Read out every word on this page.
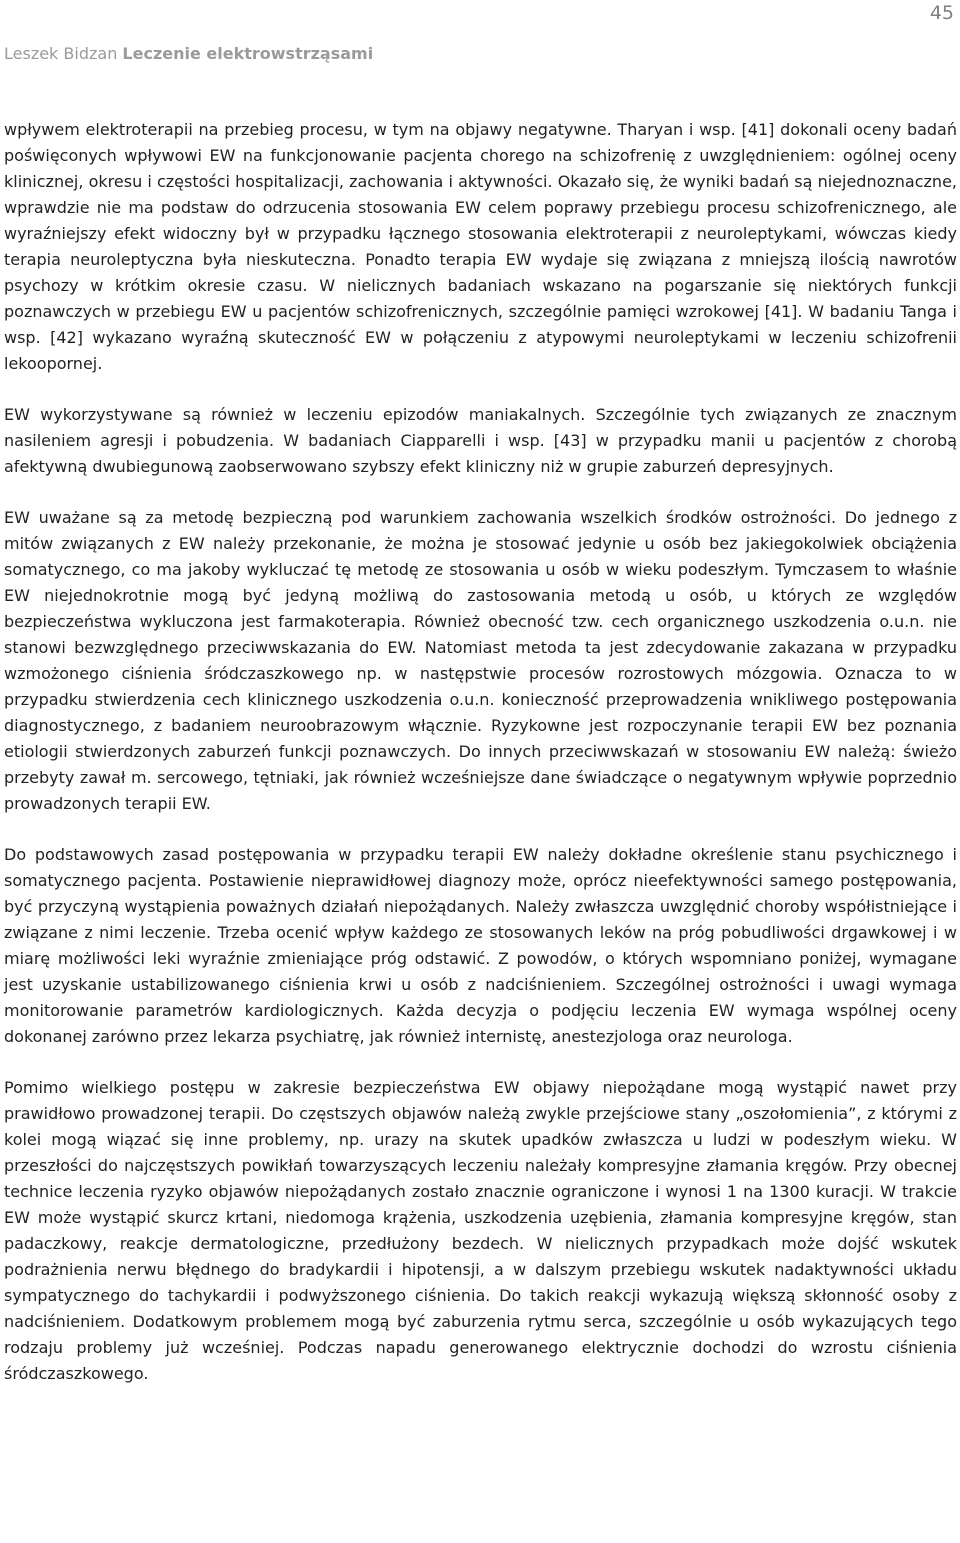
45
Leszek Bidzan Leczenie elektrowstrząsami

wpływem elektroterapii na przebieg procesu, w tym na objawy negatywne. Tharyan i wsp. [41] dokonali oceny badań poświęconych wpływowi EW na funkcjonowanie pacjenta chorego na schizofrenię z uwzględnieniem: ogólnej oceny klinicznej, okresu i częstości hospitalizacji, zachowania i aktywności. Okazało się, że wyniki badań są niejednoznaczne, wprawdzie nie ma podstaw do odrzucenia stosowania EW celem poprawy przebiegu procesu schizofrenicznego, ale wyraźniejszy efekt widoczny był w przypadku łącznego stosowania elektroterapii z neuroleptykami, wówczas kiedy terapia neuroleptyczna była nieskuteczna. Ponadto terapia EW wydaje się związana z mniejszą ilością nawrotów psychozy w krótkim okresie czasu. W nielicznych badaniach wskazano na pogarszanie się niektórych funkcji poznawczych w przebiegu EW u pacjentów schizofrenicznych, szczególnie pamięci wzrokowej [41]. W badaniu Tanga i wsp. [42] wykazano wyraźną skuteczność EW w połączeniu z atypowymi neuroleptykami w leczeniu schizofrenii lekoopornej.

EW wykorzystywane są również w leczeniu epizodów maniakalnych. Szczególnie tych związanych ze znacznym nasileniem agresji i pobudzenia. W badaniach Ciapparelli i wsp. [43] w przypadku manii u pacjentów z chorobą afektywną dwubiegunową zaobserwowano szybszy efekt kliniczny niż w grupie zaburzeń depresyjnych.

EW uważane są za metodę bezpieczną pod warunkiem zachowania wszelkich środków ostrożności. Do jednego z mitów związanych z EW należy przekonanie, że można je stosować jedynie u osób bez jakiegokolwiek obciążenia somatycznego, co ma jakoby wykluczać tę metodę ze stosowania u osób w wieku podeszłym. Tymczasem to właśnie EW niejednokrotnie mogą być jedyną możliwą do zastosowania metodą u osób, u których ze względów bezpieczeństwa wykluczona jest farmakoterapia. Również obecność tzw. cech organicznego uszkodzenia o.u.n. nie stanowi bezwzględnego przeciwwskazania do EW. Natomiast metoda ta jest zdecydowanie zakazana w przypadku wzmożonego ciśnienia śródczaszkowego np. w następstwie procesów rozrostowych mózgowia. Oznacza to w przypadku stwierdzenia cech klinicznego uszkodzenia o.u.n. konieczność przeprowadzenia wnikliwego postępowania diagnostycznego, z badaniem neuroobrazowym włącznie. Ryzykowne jest rozpoczynanie terapii EW bez poznania etiologii stwierdzonych zaburzeń funkcji poznawczych. Do innych przeciwwskazań w stosowaniu EW należą: świeżo przebyty zawał m. sercowego, tętniaki, jak również wcześniejsze dane świadczące o negatywnym wpływie poprzednio prowadzonych terapii EW.

Do podstawowych zasad postępowania w przypadku terapii EW należy dokładne określenie stanu psychicznego i somatycznego pacjenta. Postawienie nieprawidłowej diagnozy może, oprócz nieefektywności samego postępowania, być przyczyną wystąpienia poważnych działań niepożądanych. Należy zwłaszcza uwzględnić choroby współistniejące i związane z nimi leczenie. Trzeba ocenić wpływ każdego ze stosowanych leków na próg pobudliwości drgawkowej i w miarę możliwości leki wyraźnie zmieniające próg odstawić. Z powodów, o których wspomniano poniżej, wymagane jest uzyskanie ustabilizowanego ciśnienia krwi u osób z nadciśnieniem. Szczególnej ostrożności i uwagi wymaga monitorowanie parametrów kardiologicznych. Każda decyzja o podjęciu leczenia EW wymaga wspólnej oceny dokonanej zarówno przez lekarza psychiatrę, jak również internistę, anestezjologa oraz neurologa.

Pomimo wielkiego postępu w zakresie bezpieczeństwa EW objawy niepożądane mogą wystąpić nawet przy prawidłowo prowadzonej terapii. Do częstszych objawów należą zwykle przejściowe stany „oszołomienia”, z którymi z kolei mogą wiązać się inne problemy, np. urazy na skutek upadków zwłaszcza u ludzi w podeszłym wieku. W przeszłości do najczęstszych powikłań towarzyszących leczeniu należały kompresyjne złamania kręgów. Przy obecnej technice leczenia ryzyko objawów niepożądanych zostało znacznie ograniczone i wynosi 1 na 1300 kuracji. W trakcie EW może wystąpić skurcz krtani, niedomoga krążenia, uszkodzenia uzębienia, złamania kompresyjne kręgów, stan padaczkowy, reakcje dermatologiczne, przedłużony bezdech. W nielicznych przypadkach może dojść wskutek podrażnienia nerwu błędnego do bradykardii i hipotensji, a w dalszym przebiegu wskutek nadaktywności układu sympatycznego do tachykardii i podwyższonego ciśnienia. Do takich reakcji wykazują większą skłonność osoby z nadciśnieniem. Dodatkowym problemem mogą być zaburzenia rytmu serca, szczególnie u osób wykazujących tego rodzaju problemy już wcześniej. Podczas napadu generowanego elektrycznie dochodzi do wzrostu ciśnienia śródczaszkowego.
